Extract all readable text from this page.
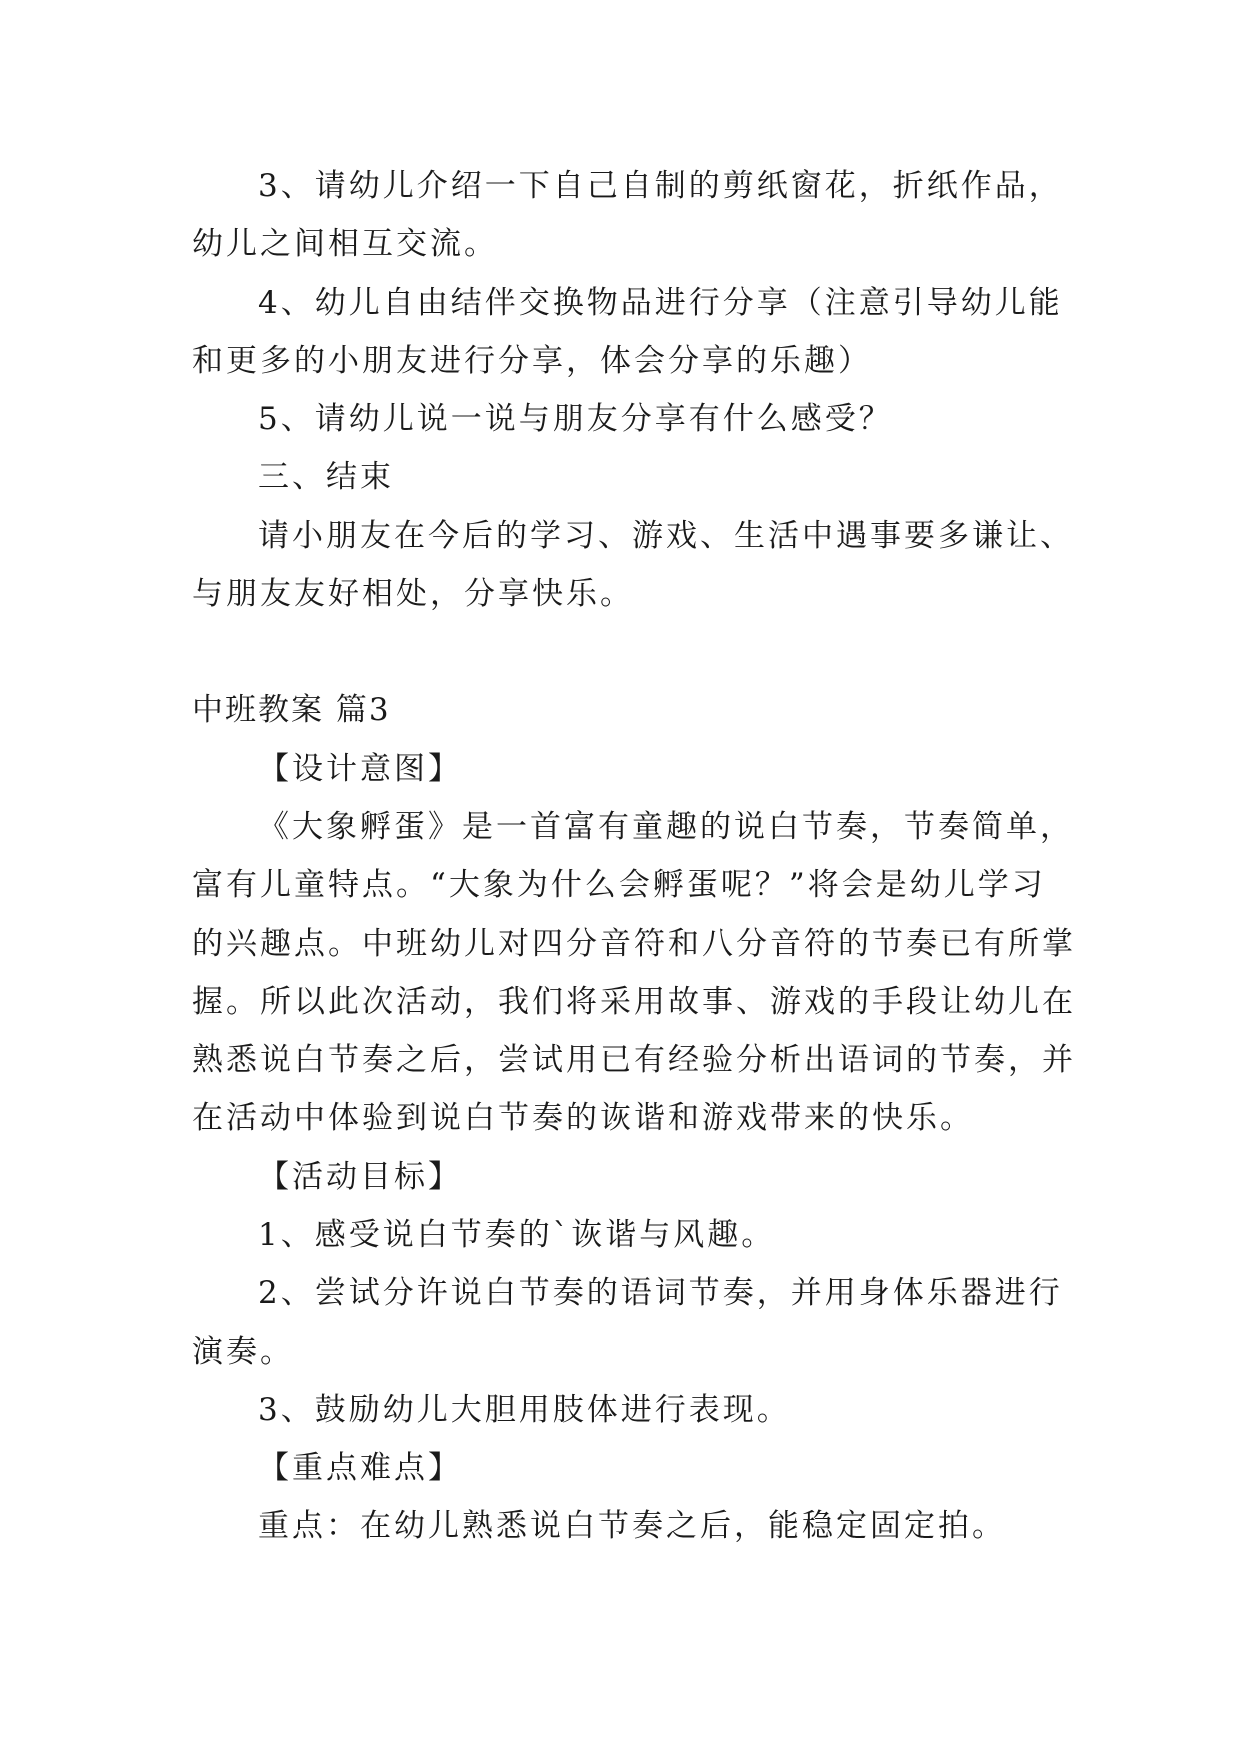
3、请幼儿介绍一下自己自制的剪纸窗花，折纸作品，
幼儿之间相互交流。
4、幼儿自由结伴交换物品进行分享（注意引导幼儿能
和更多的小朋友进行分享，体会分享的乐趣）
5、请幼儿说一说与朋友分享有什么感受？
三、结束
请小朋友在今后的学习、游戏、生活中遇事要多谦让、
与朋友友好相处，分享快乐。
中班教案 篇3
【设计意图】
《大象孵蛋》是一首富有童趣的说白节奏，节奏简单，
富有儿童特点。“大象为什么会孵蛋呢？”将会是幼儿学习
的兴趣点。中班幼儿对四分音符和八分音符的节奏已有所掌
握。所以此次活动，我们将采用故事、游戏的手段让幼儿在
熟悉说白节奏之后，尝试用已有经验分析出语词的节奏，并
在活动中体验到说白节奏的诙谐和游戏带来的快乐。
【活动目标】
1、感受说白节奏的`诙谐与风趣。
2、尝试分许说白节奏的语词节奏，并用身体乐器进行
演奏。
3、鼓励幼儿大胆用肢体进行表现。
【重点难点】
重点：在幼儿熟悉说白节奏之后，能稳定固定拍。
